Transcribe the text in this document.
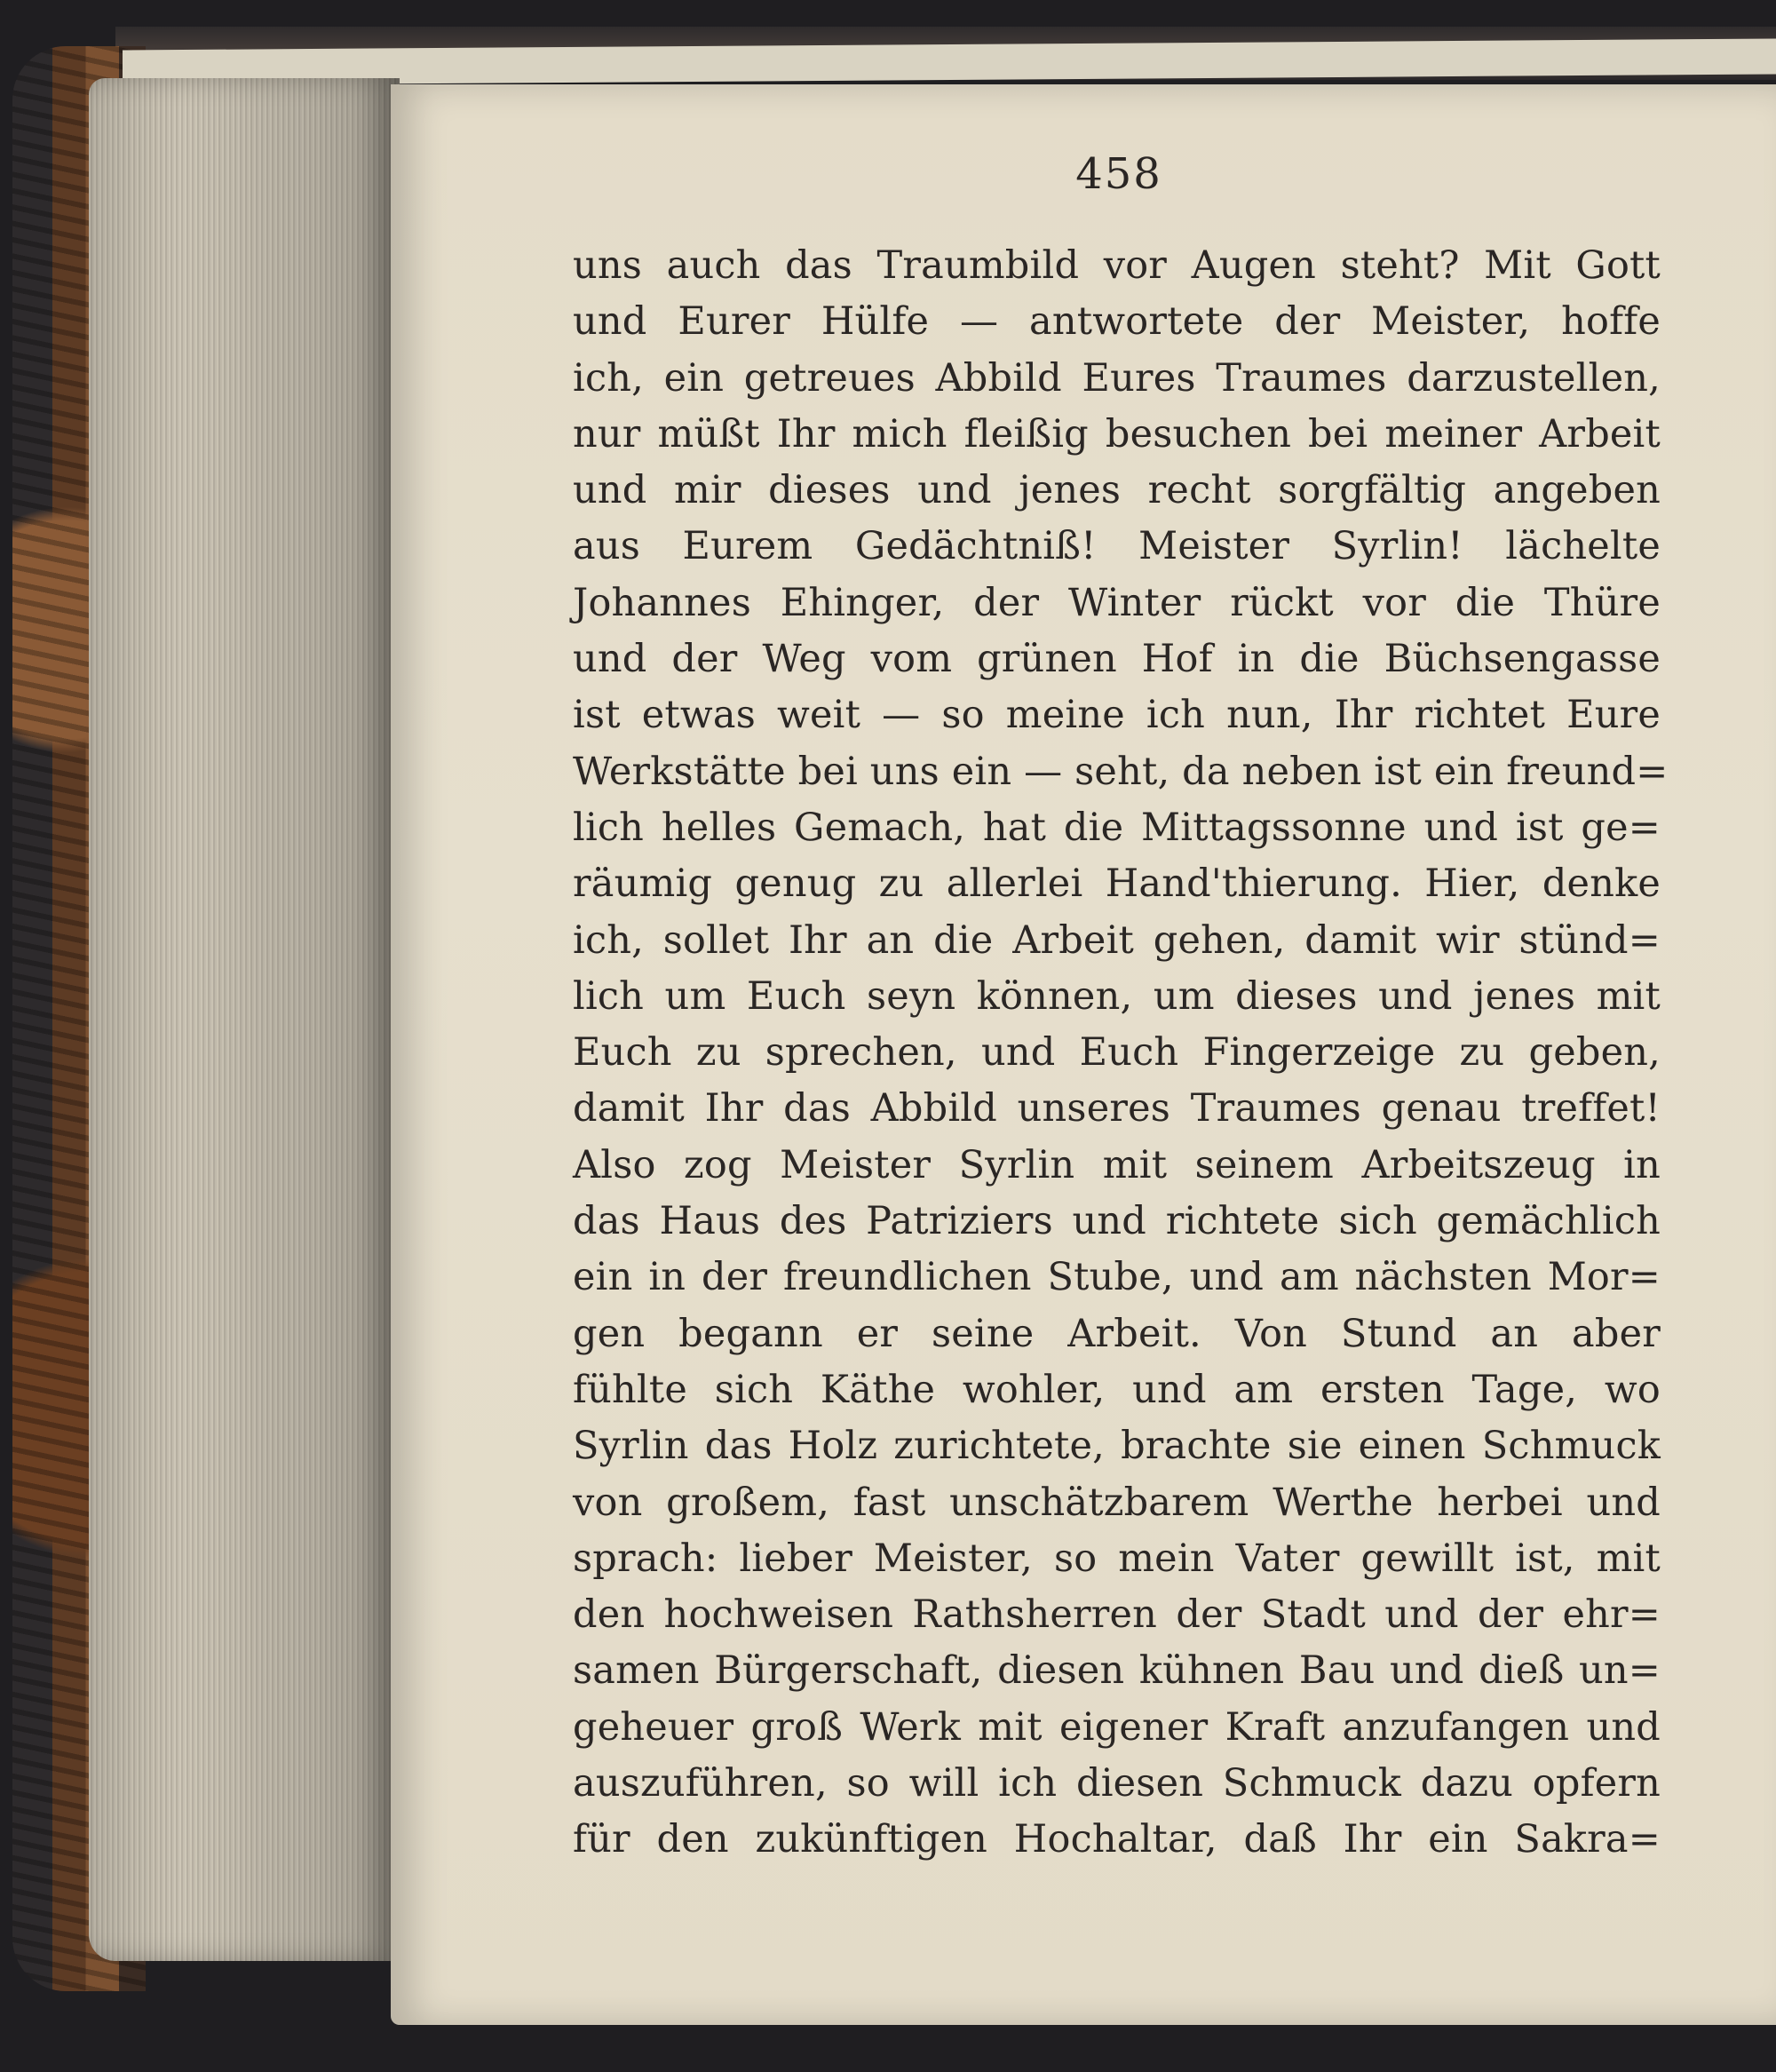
458
uns auch das Traumbild vor Augen steht? Mit Gott
und Eurer Hülfe — antwortete der Meister, hoffe
ich, ein getreues Abbild Eures Traumes darzustellen,
nur müßt Ihr mich fleißig besuchen bei meiner Arbeit
und mir dieses und jenes recht sorgfältig angeben
aus Eurem Gedächtniß! Meister Syrlin! lächelte
Johannes Ehinger, der Winter rückt vor die Thüre
und der Weg vom grünen Hof in die Büchsengasse
ist etwas weit — so meine ich nun, Ihr richtet Eure
Werkstätte bei uns ein — seht, da neben ist ein freund=
lich helles Gemach, hat die Mittagssonne und ist ge=
räumig genug zu allerlei Hand'thierung. Hier, denke
ich, sollet Ihr an die Arbeit gehen, damit wir stünd=
lich um Euch seyn können, um dieses und jenes mit
Euch zu sprechen, und Euch Fingerzeige zu geben,
damit Ihr das Abbild unseres Traumes genau treffet!
Also zog Meister Syrlin mit seinem Arbeitszeug in
das Haus des Patriziers und richtete sich gemächlich
ein in der freundlichen Stube, und am nächsten Mor=
gen begann er seine Arbeit. Von Stund an aber
fühlte sich Käthe wohler, und am ersten Tage, wo
Syrlin das Holz zurichtete, brachte sie einen Schmuck
von großem, fast unschätzbarem Werthe herbei und
sprach: lieber Meister, so mein Vater gewillt ist, mit
den hochweisen Rathsherren der Stadt und der ehr=
samen Bürgerschaft, diesen kühnen Bau und dieß un=
geheuer groß Werk mit eigener Kraft anzufangen und
auszuführen, so will ich diesen Schmuck dazu opfern
für den zukünftigen Hochaltar, daß Ihr ein Sakra=
